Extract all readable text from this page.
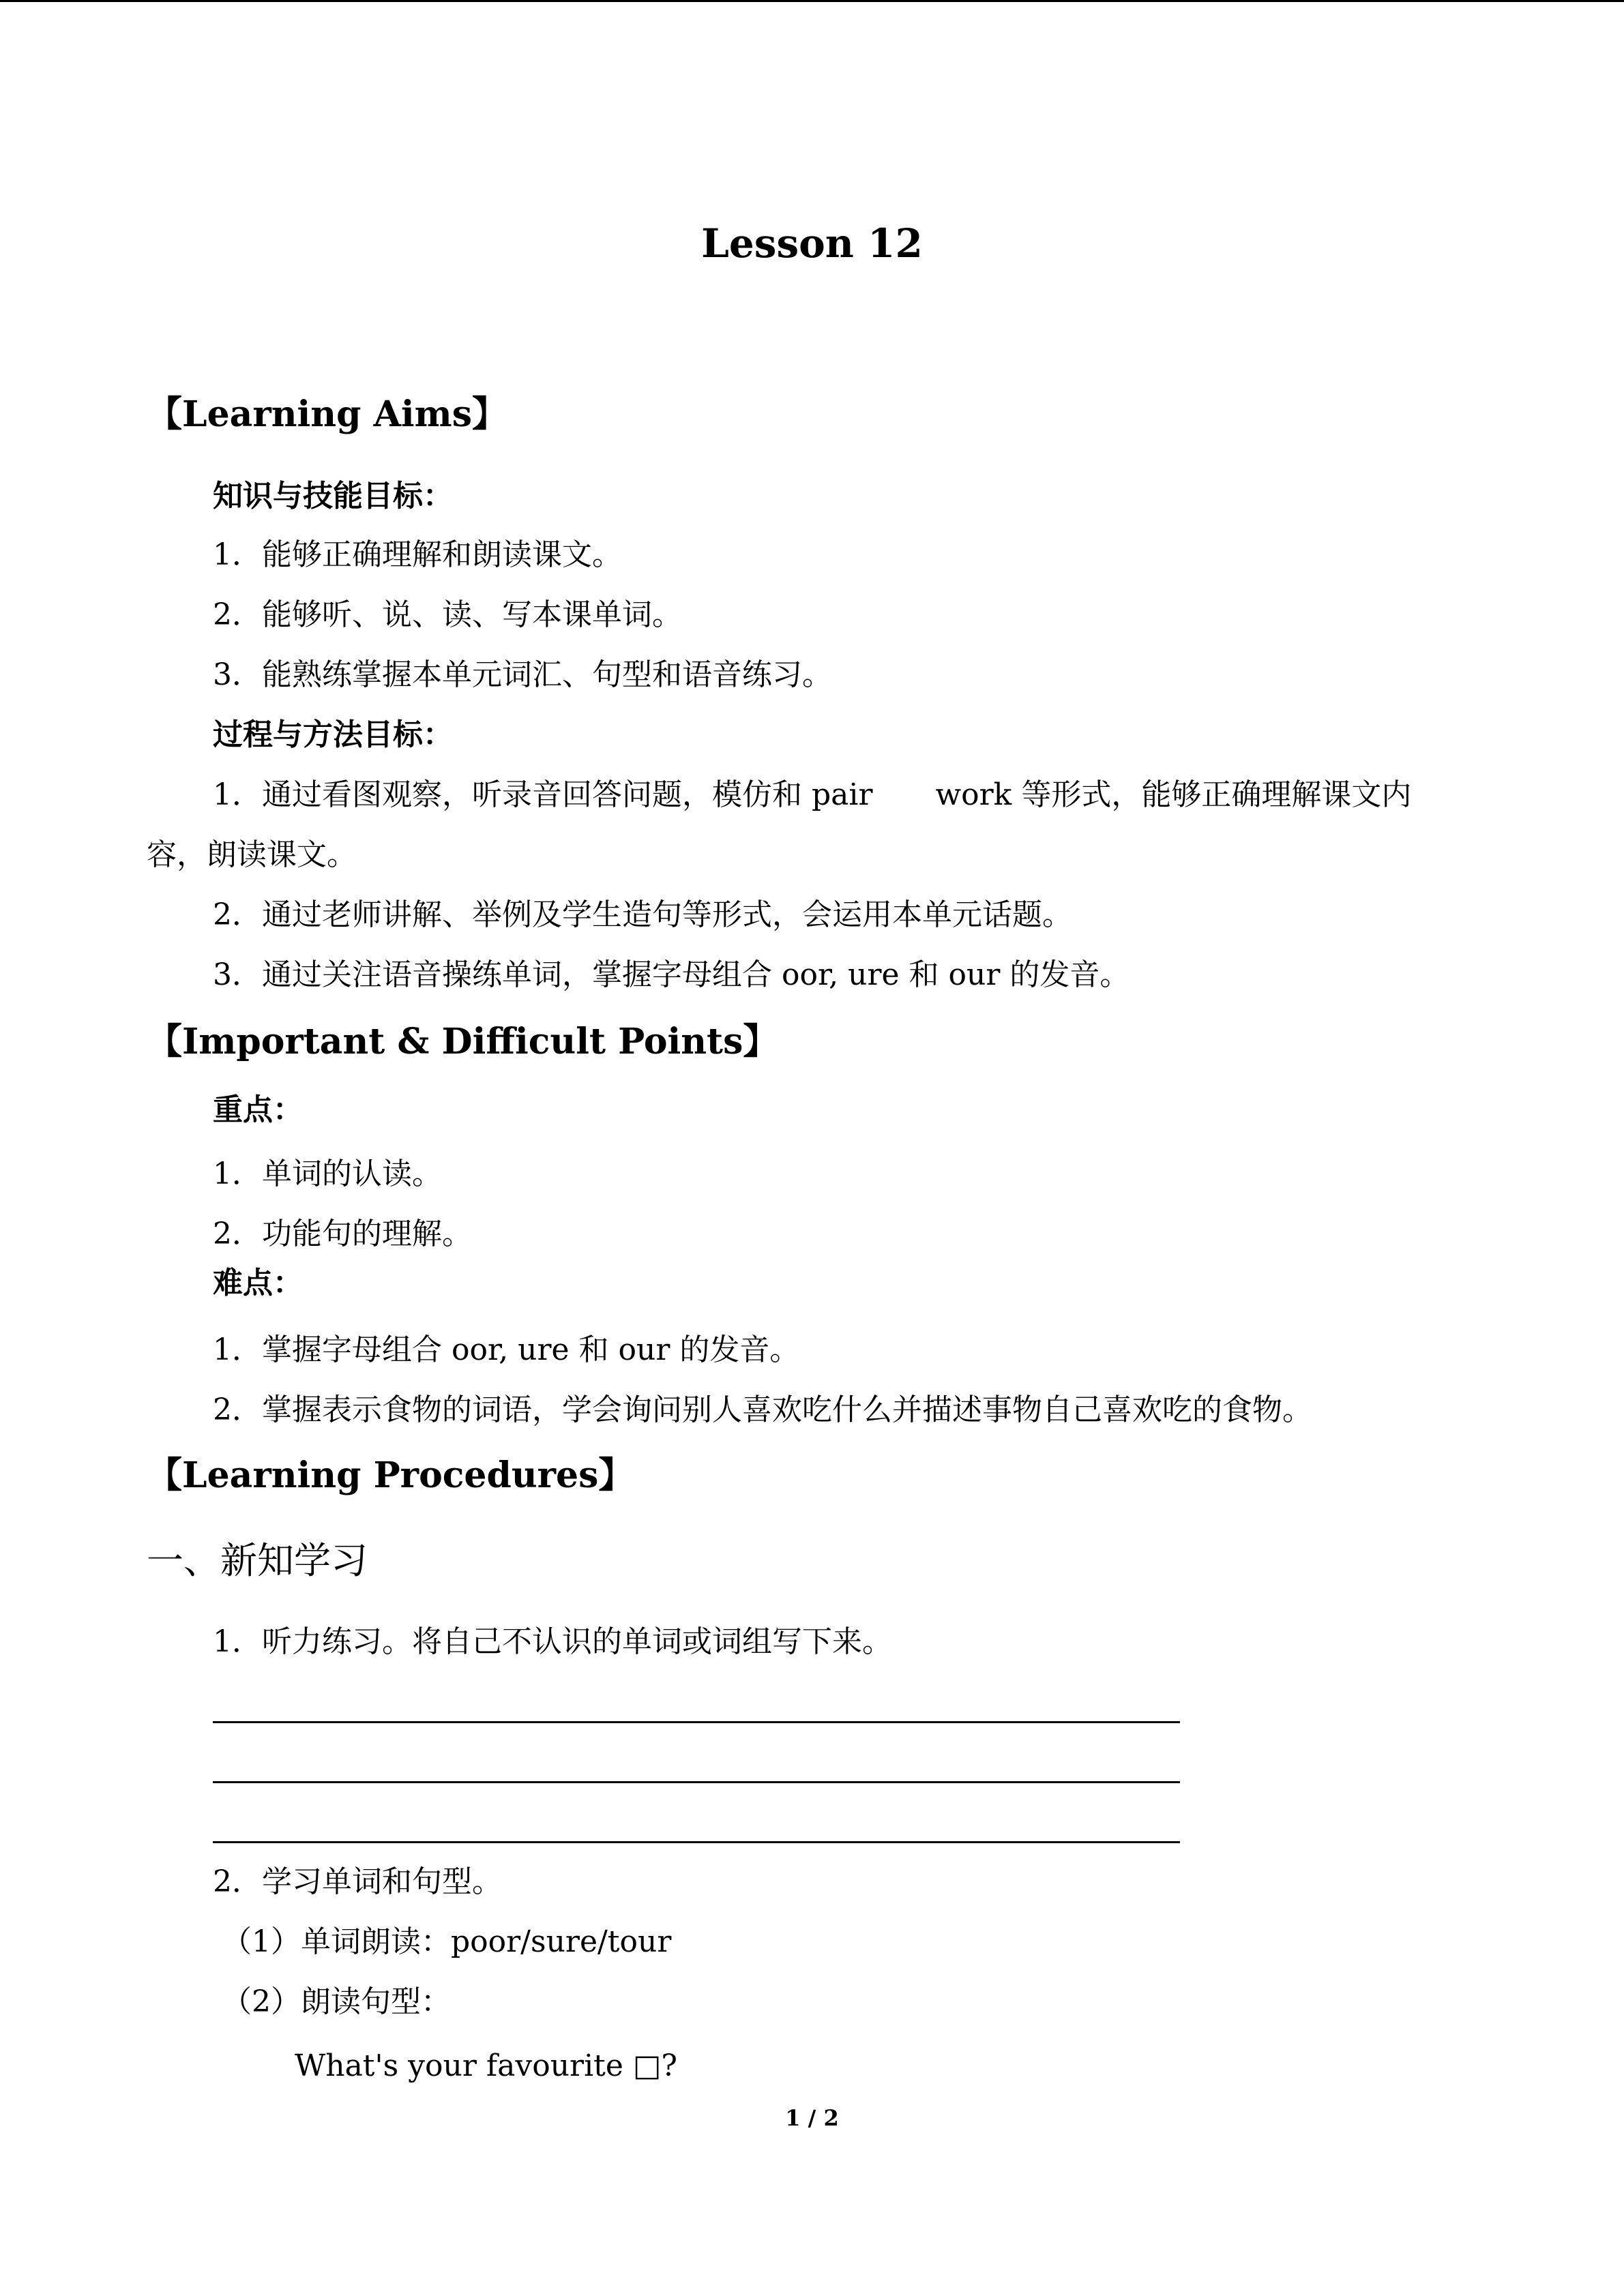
Lesson 12
【Learning Aims】
知识与技能目标：
1．能够正确理解和朗读课文。
2．能够听、说、读、写本课单词。
3．能熟练掌握本单元词汇、句型和语音练习。
过程与方法目标：
1．通过看图观察，听录音回答问题，模仿和 pair work 等形式，能够正确理解课文内
容，朗读课文。
2．通过老师讲解、举例及学生造句等形式，会运用本单元话题。
3．通过关注语音操练单词，掌握字母组合 oor, ure 和 our 的发音。
【Important & Difficult Points】
重点：
1．单词的认读。
2．功能句的理解。
难点：
1．掌握字母组合 oor, ure 和 our 的发音。
2．掌握表示食物的词语，学会询问别人喜欢吃什么并描述事物自己喜欢吃的食物。
【Learning Procedures】
一、新知学习
1．听力练习。将自己不认识的单词或词组写下来。
2．学习单词和句型。
（1）单词朗读：poor/sure/tour
（2）朗读句型：
What's your favourite □?
1 / 2
